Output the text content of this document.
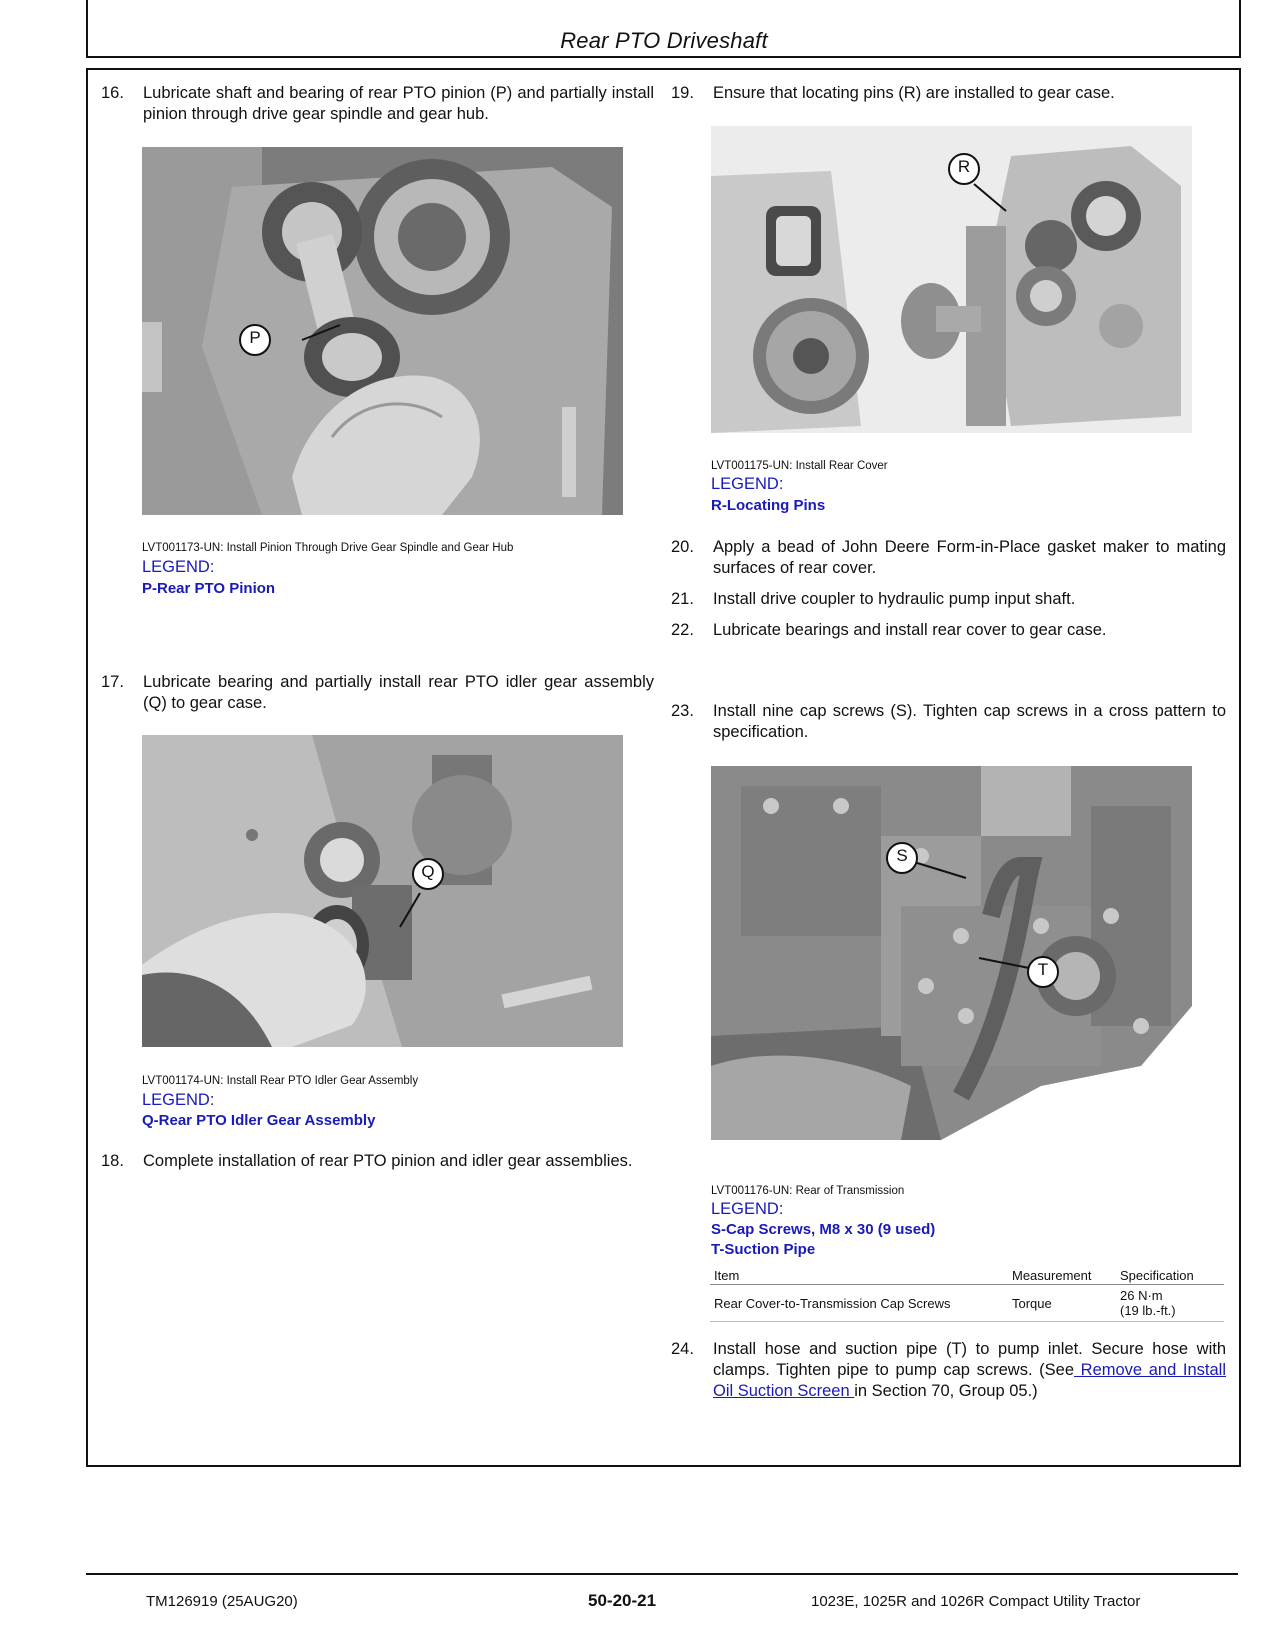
Rear PTO Driveshaft
16.	Lubricate shaft and bearing of rear PTO pinion (P) and partially install pinion through drive gear spindle and gear hub.
P
LVT001173-UN: Install Pinion Through Drive Gear Spindle and Gear Hub
LEGEND:
P-Rear PTO Pinion
17.	Lubricate bearing and partially install rear PTO idler gear assembly (Q) to gear case.
Q
LVT001174-UN: Install Rear PTO Idler Gear Assembly
LEGEND:
Q-Rear PTO Idler Gear Assembly
18.	Complete installation of rear PTO pinion and idler gear assemblies.
19.	Ensure that locating pins (R) are installed to gear case.
R
LVT001175-UN: Install Rear Cover
LEGEND:
R-Locating Pins
20.	Apply a bead of John Deere Form-in-Place gasket maker to mating surfaces of rear cover.
21.	Install drive coupler to hydraulic pump input shaft.
22.	Lubricate bearings and install rear cover to gear case.
23.	Install nine cap screws (S). Tighten cap screws in a cross pattern to specification.
S
T
LVT001176-UN: Rear of Transmission
LEGEND:
S-Cap Screws, M8 x 30 (9 used)
T-Suction Pipe
Item	Measurement	Specification
Rear Cover-to-Transmission Cap Screws	Torque	26 N·m
(19 lb.-ft.)
24.	Install hose and suction pipe (T) to pump inlet. Secure hose with clamps. Tighten pipe to pump cap screws. (See Remove and Install Oil Suction Screen in Section 70, Group 05.)
TM126919 (25AUG20)	50-20-21	1023E, 1025R and 1026R Compact Utility Tractor
